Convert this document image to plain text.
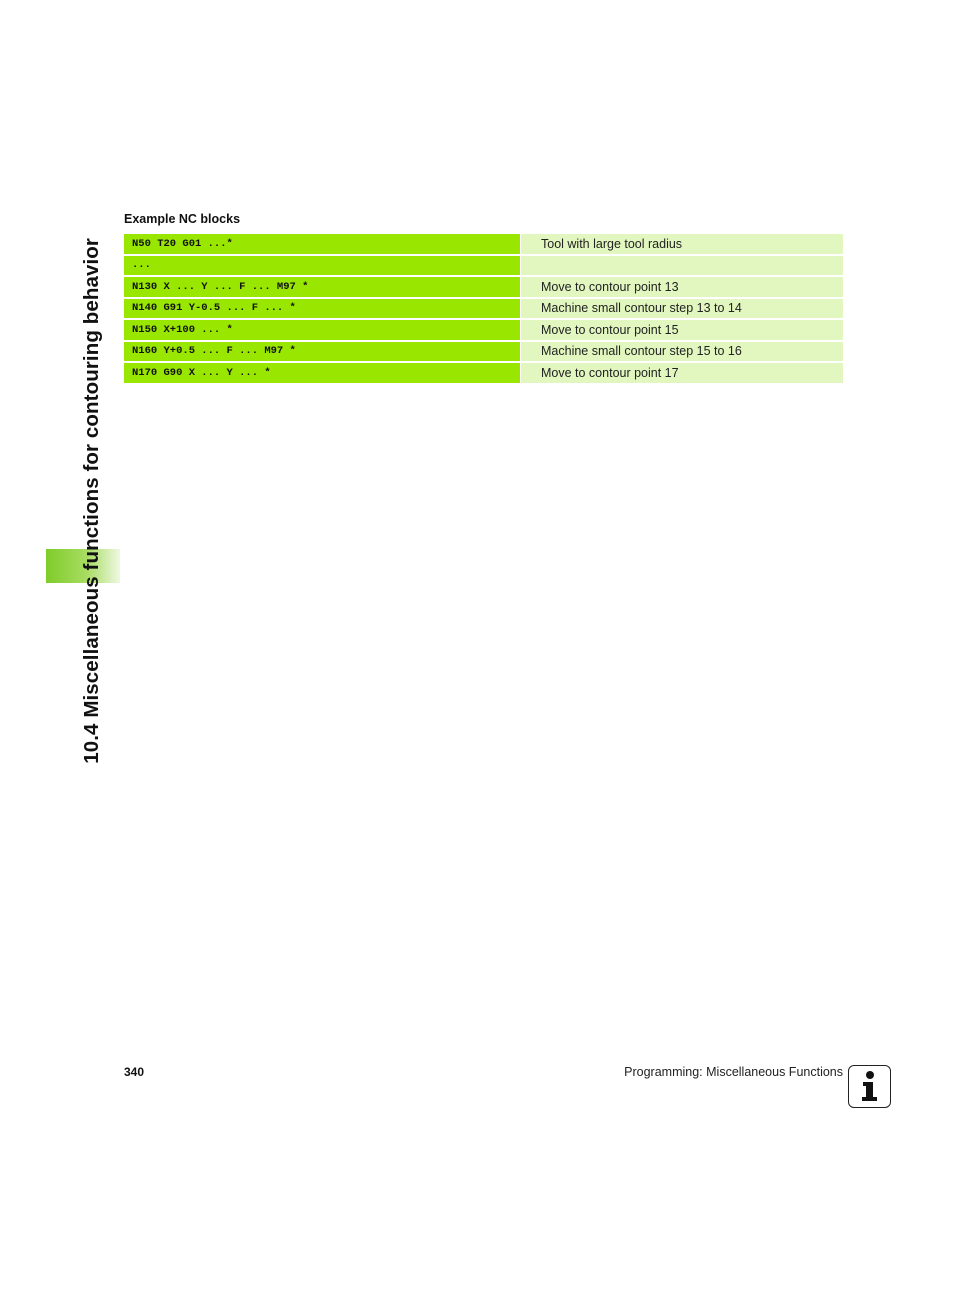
10.4 Miscellaneous functions for contouring behavior
Example NC blocks
N50 T20 G01 ...*	Tool with large tool radius
...
N130 X ... Y ... F ... M97 *	Move to contour point 13
N140 G91 Y-0.5 ... F ... *	Machine small contour step 13 to 14
N150 X+100 ... *	Move to contour point 15
N160 Y+0.5 ... F ... M97 *	Machine small contour step 15 to 16
N170 G90 X ... Y ... *	Move to contour point 17
340	Programming: Miscellaneous Functions
